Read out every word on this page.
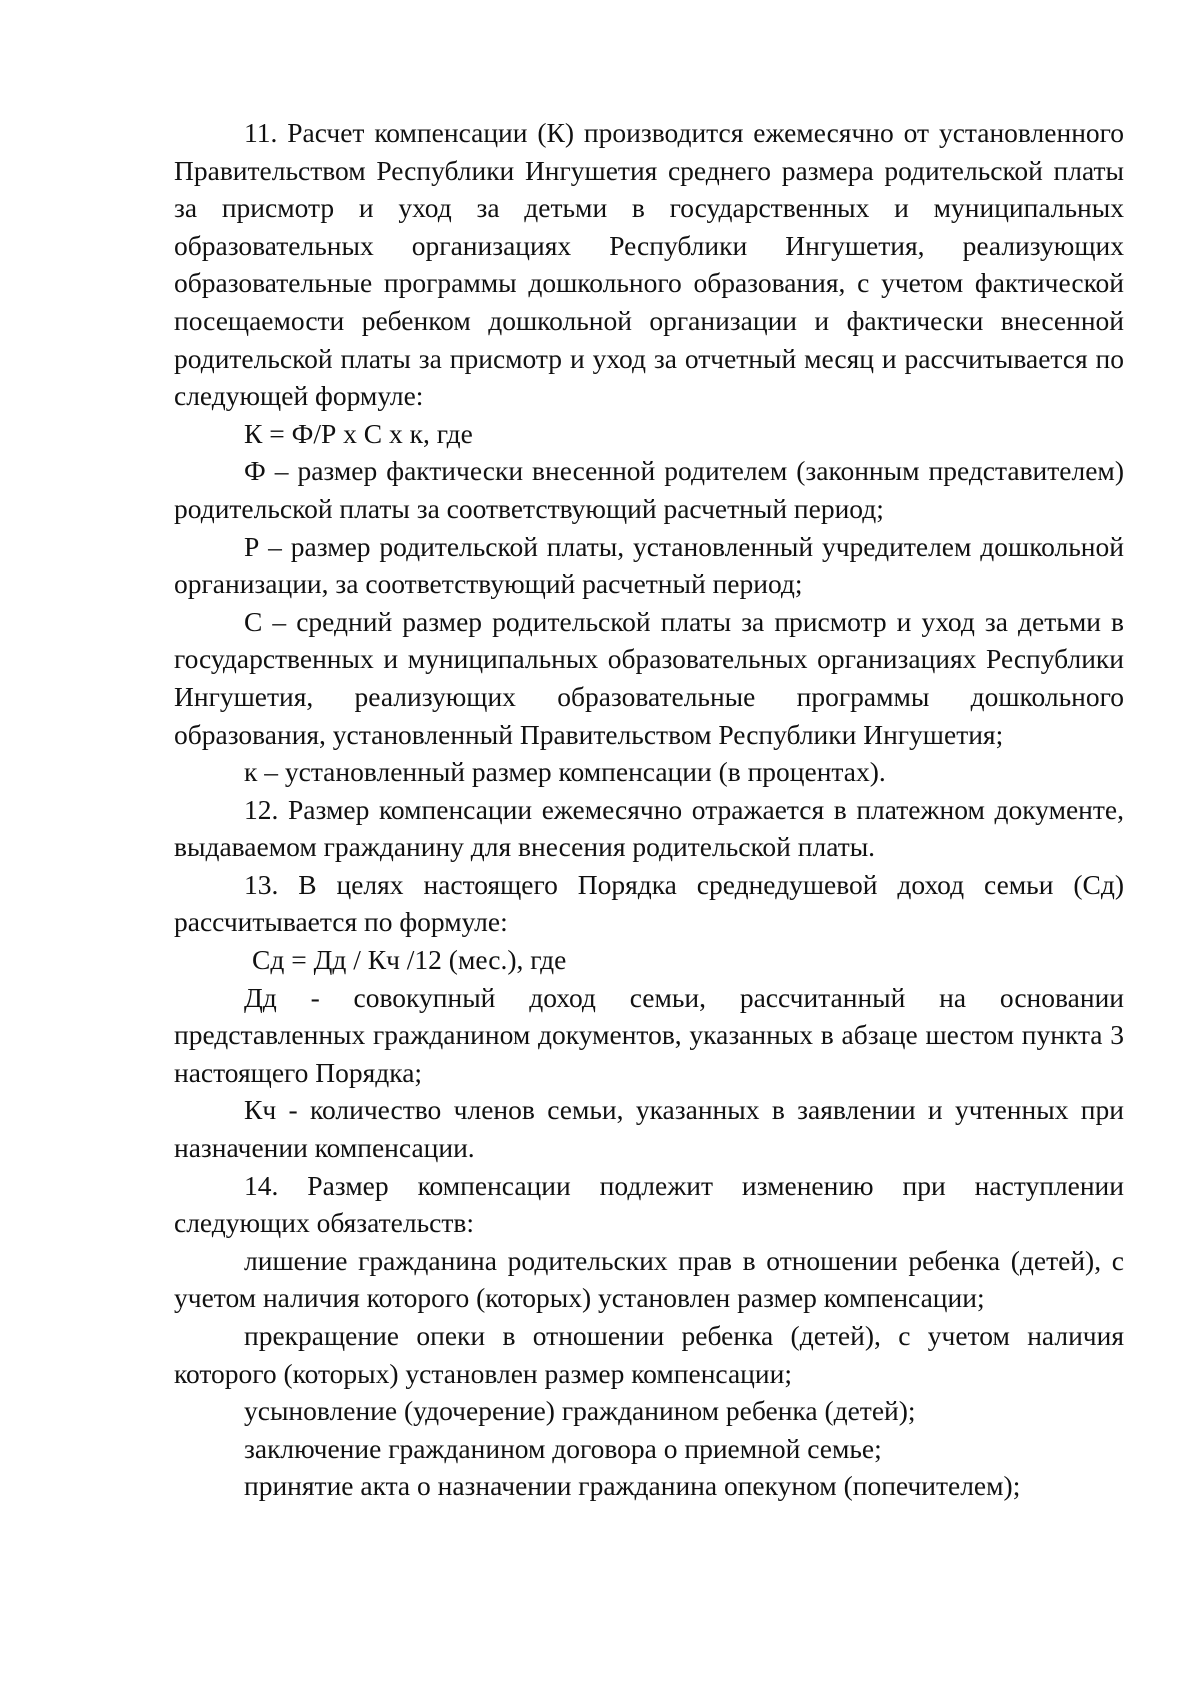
11. Расчет компенсации (К) производится ежемесячно от установленного Правительством Республики Ингушетия среднего размера родительской платы за присмотр и уход за детьми в государственных и муниципальных образовательных организациях Республики Ингушетия, реализующих образовательные программы дошкольного образования, с учетом фактической посещаемости ребенком дошкольной организации и фактически внесенной родительской платы за присмотр и уход за отчетный месяц и рассчитывается по следующей формуле:

К = Ф/Р х С х к, где

Ф – размер фактически внесенной родителем (законным представителем) родительской платы за соответствующий расчетный период;

Р – размер родительской платы, установленный учредителем дошкольной организации, за соответствующий расчетный период;

С – средний размер родительской платы за присмотр и уход за детьми в государственных и муниципальных образовательных организациях Республики Ингушетия, реализующих образовательные программы дошкольного образования, установленный Правительством Республики Ингушетия;

к – установленный размер компенсации (в процентах).

12. Размер компенсации ежемесячно отражается в платежном документе, выдаваемом гражданину для внесения родительской платы.

13. В целях настоящего Порядка среднедушевой доход семьи (Сд) рассчитывается по формуле:

Сд = Дд / Кч /12 (мес.), где

Дд - совокупный доход семьи, рассчитанный на основании представленных гражданином документов, указанных в абзаце шестом пункта 3 настоящего Порядка;

Кч - количество членов семьи, указанных в заявлении и учтенных при назначении компенсации.

14. Размер компенсации подлежит изменению при наступлении следующих обязательств:

лишение гражданина родительских прав в отношении ребенка (детей), с учетом наличия которого (которых) установлен размер компенсации;

прекращение опеки в отношении ребенка (детей), с учетом наличия которого (которых) установлен размер компенсации;

усыновление (удочерение) гражданином ребенка (детей);

заключение гражданином договора о приемной семье;

принятие акта о назначении гражданина опекуном (попечителем);
